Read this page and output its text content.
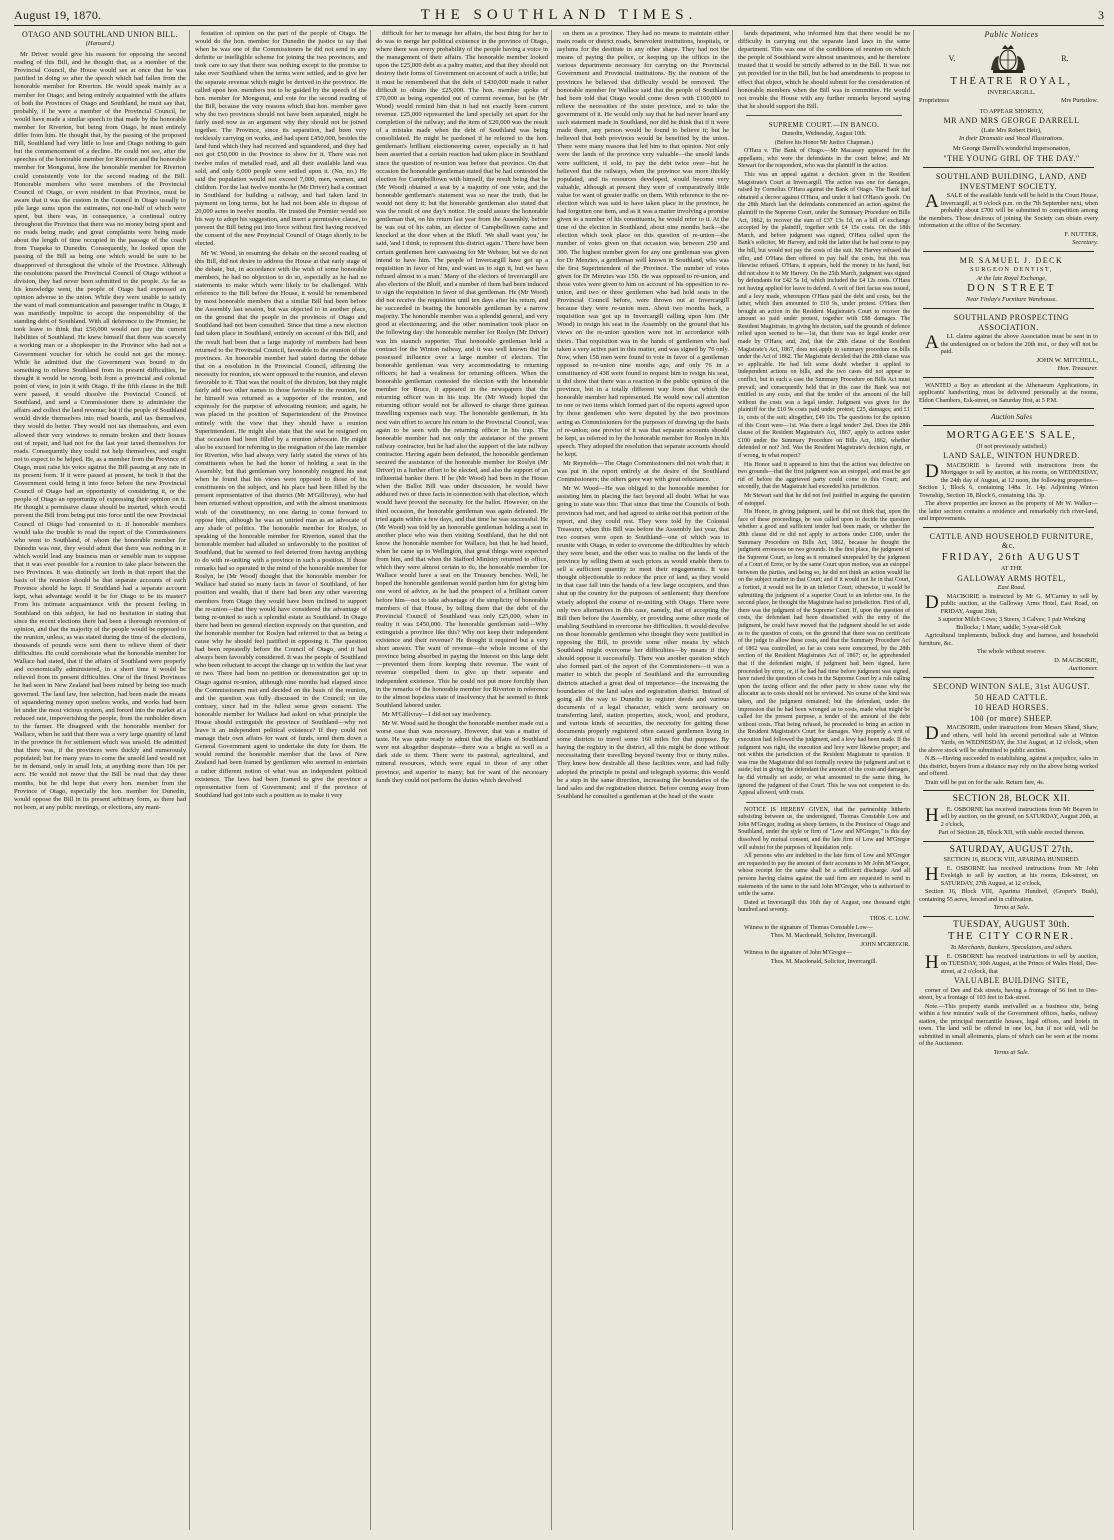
August 19, 1870.	THE SOUTHLAND TIMES.	3

OTAGO AND SOUTHLAND UNION BILL.

(Hansard.)

Mr Driver would give his reasons for opposing the second reading of this Bill, and he thought that, as a member of the Provincial Council, the House would see at once that he was justified in doing so after the speech which had fallen from the honorable member for Riverton. He would speak mainly as a member for Otago; and being entirely acquainted with the affairs of both the Provinces of Otago and Southland, he must say that, probably, if he were a member of the Provincial Council, he would have made a similar speech to that made by the honorable member for Riverton, but being from Otago, he must entirely differ from him. He thought that, by the passing of the proposed Bill, Southland had very little to lose and Otago nothing to gain but the commencement of a decline. He could not see, after the speeches of the honorable member for Riverton and the honorable member for Mongonui, how the honorable member for Riverton could consistently vote for the second reading of the Bill. Honorable members who were members of the Provincial Council of Otago, or even resident in that Province, must be aware that it was the custom in the Council in Otago usually to pile large sums upon the estimates, not one-half of which were spent, but there was, in consequence, a continual outcry throughout the Province that there was no money being spent and no roads being made; and great complaints were being made about the length of time occupied in the passage of the coach from Tuapeka to Dunedin. Consequently, he looked upon the passing of the Bill as being one which would be sure to be disapproved of throughout the whole of the Province. Although the resolutions passed the Provincial Council of Otago without a division, they had never been submitted to the people. As far as his knowledge went, the people of Otago had expressed an opinion adverse to the union. While they were unable to satisfy the want of mail communication and passenger traffic in Otago, it was manifestly impolitic to accept the responsibility of the standing debt of Southland. With all deference to the Premier, he took leave to think that £50,000 would not pay the current liabilities of Southland. He knew himself that there was scarcely a working man or a shopkeeper in the Province who had not a Government voucher for which he could not get the money. While he admitted that the Government was bound to do something to relieve Southland from its present difficulties, he thought it would be wrong, both from a provincial and colonial point of view, to join it with Otago. If the fifth clause in the Bill were passed, it would dissolve the Provincial Council of Southland, and send a Commissioner there to administer the affairs and collect the land revenue; but if the people of Southland would divide themselves into road boards, and tax themselves, they would do better. They would not tax themselves, and even allowed their very windows to remain broken and their houses out of repair, and had not for the last year taxed themselves for roads. Consequently they could not help themselves, and ought not to expect to be helped. He, as a member from the Province of Otago, must raise his voice against the Bill passing at any rate in its present form. If it were passed at present, he took it that the Government could bring it into force before the new Provincial Council of Otago had an opportunity of considering it, or the people of Otago an opportunity of expressing their opinion on it. He thought a permissive clause should be inserted, which would prevent the Bill from being put into force until the new Provincial Council of Otago had consented to it. If honorable members would take the trouble to read the report of the Commissioners who went to Southland, of whom the honorable member for Dunedin was one, they would admit that there was nothing in it which would lead any business man or sensible man to suppose that it was ever possible for a reunion to take place between the two Provinces. It was distinctly set forth in that report that the basis of the reunion should be that separate accounts of each Province should be kept. If Southland had a separate account kept, what advantage would it be for Otago to be its master? From his intimate acquaintance with the present feeling in Southland on this subject, he had no hesitation in stating that since the recent elections there had been a thorough reversion of opinion, and that the majority of the people would be opposed to the reunion, unless, as was stated during the time of the elections, thousands of pounds were sent there to relieve them of their difficulties. He could corroborate what the honorable member for Wallace had stated, that if the affairs of Southland were properly and economically administered, in a short time it would be relieved from its present difficulties. One of the finest Provinces he had seen in New Zealand had been ruined by being too much governed. The land law, free selection, had been made the means of squandering money upon useless works, and works had been let under the most vicious system, and forced into the market at a reduced rate, impoverishing the people, from the runholder down to the farmer. He disagreed with the honorable member for Wallace, when he said that there was a very large quantity of land in the province fit for settlement which was unsold. He admitted that there was, if the provinces were thickly and numerously populated; but for many years to come the unsold land would not be in demand, only in small lots, at anything more than 10s per acre. He would not move that the Bill be read that day three months, but he did hope that every hon. member from the Province of Otago, especially the hon. member for Dunedin, would oppose the Bill in its present arbitrary form, as there had not been, at any public meetings, or elections, any mani-

festation of opinion on the part of the people of Otago. He would do the hon. member for Dunedin the justice to say that when he was one of the Commissioners he did not send in any definite or intelligible scheme for joining the two provinces, and took care to say that there was nothing except to the promise to take over Southland when the terms were settled, and to give her the separate revenue which might be derived in the province. He called upon hon. members not to be guided by the speech of the hon. member for Mongonui, and vote for the second reading of the Bill, because the very reasons which that hon. member gave why the two provinces should not have been separated, might be fairly used now as an argument why they should not be joined together. The Province, since its separation, had been very recklessly carrying on works, and had spent £450,000, besides the land fund which they had received and squandered, and they had not got £50,000 in the Province to show for it. There was not twelve miles of metalled road, and all their available land was sold, and only 6,000 people were settled upon it. (No, no.) He said the population would not exceed 7,000, men, women, and children. For the last twelve months he (Mr Driver) had a contract in Southland for building a railway, and had taken land in payment on long terms, but he had not been able to dispose of 20,000 acres in twelve months. He trusted the Premier would see his way to adopt his suggestion, and insert a permissive clause, to prevent the Bill being put into force without first having received the consent of the new Provincial Council of Otago shortly to be elected.

Mr W. Wood, in resuming the debate on the second reading of this Bill, did not desire to address the House at that early stage of the debate, but, in accordance with the wish of some honorable members, he had no objection to do so, especially as he had no statements to make which were likely to be challenged. With reference to the Bill before the House, it would be remembered by most honorable members that a similar Bill had been before the Assembly last session, but was objected to in another place, on the ground that the people in the provinces of Otago and Southland had not been consulted. Since that time a new election had taken place in Southland, entirely on account of this Bill, and the result had been that a large majority of members had been returned to the Provincial Council, favorable to the reunion of the provinces. An honorable member had stated during the debate that on a resolution in the Provincial Council, affirming the necessity for reunion, six were opposed to the reunion, and eleven favorable to it. That was the result of the division, but they might fairly add two other names to those favorable to the reunion, for he himself was returned as a supporter of the reunion, and expressly for the purpose of advocating reunion; and again, he was placed in the position of Superintendent of the Province entirely with the view that they should have a reunion Superintendent. He might also state that the seat he resigned on that occasion had been filled by a reunion advocate. He might also be excused for referring to the resignation of the late member for Riverton, who had always very fairly stated the views of his constituents when he had the honor of holding a seat in the Assembly; but that gentleman very honorably resigned his seat when he found that his views were opposed to those of his constituents on the subject, and his place had been filled by the present representative of that district (Mr M'Gillivray), who had been returned without opposition, and with the almost unanimous wish of the constituency, no one daring to come forward to oppose him, although he was an untried man as an advocate of any shade of politics. The honorable member for Roslyn, in speaking of the honorable member for Riverton, stated that the honorable member had alluded so unfavorably to the position of Southland, that he seemed to feel deterred from having anything to do with re-uniting with a province in such a position. If those remarks had so operated in the mind of the honorable member for Roslyn, he (Mr Wood) thought that the honorable member for Wallace had stated so many facts in favor of Southland, of her position and wealth, that if there had been any other wavering members from Otago they would have been inclined to support the re-union—that they would have considered the advantage of being re-united to such a splendid estate as Southland. In Otago there had been no general election expressly on that question, and the honorable member for Roslyn had referred to that as being a cause why he should feel justified in opposing it. The question had been repeatedly before the Council of Otago, and it had always been favorably considered. It was the people of Southland who been reluctant to accept the change up to within the last year or two. There had been no petition or demonstration got up in Otago against re-union, although nine months had elapsed since the Commissioners met and decided on the basis of the reunion, and the question was fully discussed in the Council; on the contrary, since had in the fullest sense given consent. The honorable member for Wallace had asked on what principle the House should extinguish the province of Southland—why not leave it an independent political existence? If they could not manage their own affairs for want of funds, send them down a General Government agent to undertake the duty for them. He would remind the honorable member that the laws of New Zealand had been framed by gentlemen who seemed to entertain a rather different notion of what was an independent political existence. The laws had been framed to give the province a representative form of Government; and if the province of Southland had got into such a position as to make it very

difficult for her to manage her affairs, the best thing for her to do was to merge her political existence in the province of Otago, where there was every probability of the people having a voice in the management of their affairs. The honorable member looked upon the £25,000 debt as a paltry matter, and that they should not destroy their forms of Government on account of such a trifle; but it must be remembered that the debt of £430,000 made it rather difficult to obtain the £25,000. The hon. member spoke of £70,000 as being expended out of current revenue, but he (Mr Wood) would remind him that it had not exactly been current revenue. £25,000 represented the land specially set apart for the completion of the railway; and the item of £20,000 was the result of a mistake made when the debt of Southland was being consolidated. He might be pardoned if he referred to the hon. gentleman's brilliant electioneering career, especially as it had been asserted that a certain reaction had taken place in Southland since the question of re-union was before that province. On that occasion the honorable gentleman stated that he had contested the election for Campbelltown with himself, the result being that he (Mr Wood) obtained a seat by a majority of one vote, and the honorable gentleman's statement was so near the truth, that he would not deny it; but the honorable gentleman also stated that was the result of one day's notice. He could assure the honorable gentleman that, on his return last year from the Assembly, before he was out of his cabin, an elector of Campbelltown came and knocked at the door when at the Bluff. 'We shall want you,' he said, 'and I think, to represent this district again.' There have been certain gentlemen here canvassing for Mr Webster, but we do not intend to have him. The people of Invercargill have got up a requisition in favor of him, and want us to sign it, but we have refused almost to a man.' Many of the electors of Invercargill are also electors of the Bluff, and a number of them had been induced to sign the requisition in favor of that gentleman. He (Mr Wood) did not receive the requisition until ten days after his return, and he succeeded in beating the honorable gentleman by a narrow majority. The honorable member was a splendid general, and very good at electioneering; and the other nomination took place on the following day: the honorable member for Roslyn (Mr Driver) was his staunch supporter. That honorable gentleman held a contract for the Winton railway, and it was well known that he possessed influence over a large number of electors. The honorable gentleman was very accommodating to returning officers; he had a weakness for returning officers. When the honorable gentleman contested the election with the honorable member for Bruce, it appeared in the newspapers that the returning officer was in his trap. He (Mr Wood) hoped the returning officer would not be allowed to charge three guineas travelling expenses each way. The honorable gentleman, in his next vain effort to secure his return to the Provincial Council, was again to be seen with the returning officer in his trap. The honorable member had not only the assistance of the present railway contractor, but he had also the support of the late railway contractor. Having again been defeated, the honorable gentleman secured the assistance of the honorable member for Roslyn (Mr Driver) in a further effort to be elected, and also the support of an influential banker there. If he (Mr Wood) had been in the House when the Ballot Bill was under discussion, he would have adduced two or three facts in connection with that election, which would have proved the necessity for the ballot. However, on the third occasion, the honorable gentleman was again defeated. He tried again within a few days, and that time he was successful. He (Mr Wood) was told by an honorable gentleman holding a seat in another place who was then visiting Southland, that he did not know the honorable member for Wallace, but that he had heard, when he came up to Wellington, that great things were expected from him, and that when the Stafford Ministry returned to office, which they were almost certain to do, the honorable member for Wallace would have a seat on the Treasury benches. Well, he hoped the honorable gentleman would pardon him for giving him one word of advice, as he had the prospect of a brilliant career before him—not to take advantage of the simplicity of honorable members of that House, by telling them that the debt of the Provincial Council of Southland was only £25,000, when in reality it was £450,000. The honorable gentleman said—Why extinguish a province like this? Why not keep their independent existence and their revenue? He thought it required but a very short answer. The want of revenue—the whole income of the province being absorbed in paying the interest on this large debt—prevented them from keeping their revenue. The want of revenue compelled them to give up their separate and independent existence. This he could not put more forcibly than in the remarks of the honorable member for Riverton in reference to the almost hopeless state of insolvency that he seemed to think Southland labored under.

Mr M'Gillivray—I did not say insolvency.

Mr W. Wood said he thought the honorable member made out a worse case than was necessary. However, that was a matter of taste. He was quite ready to admit that the affairs of Southland were not altogether desperate—there was a bright as well as a dark side to them. There were its pastoral, agricultural, and mineral resources, which were equal to those of any other province, and superior to many; but for want of the necessary funds they could not perform the duties which devolved

on them as a province. They had no means to maintain either main roads or district roads, benevolent institutions, hospitals, or asylums for the destitute in any other shape. They had not the means of paying the police, or keeping up the offices in the various departments necessary for carrying on the Provincial Government and Provincial institutions. By the reunion of the provinces he believed that difficulty would be removed. The honorable member for Wallace said that the people of Southland had been told that Otago would come down with £100,000 to relieve the necessities of the sister province, and to take the government of it. He would only say that he had never heard any such statement made in Southland, nor did he think that if it were made there, any person would be found to believe it; but he believed that both provinces would be benefited by the union. There were many reasons that led him to that opinion. Not only were the lands of the province very valuable—the unsold lands were sufficient, if sold, to pay the debt twice over—but he believed that the railways, when the province was more thickly populated, and its resources developed, would become very valuable, although at present they were of comparatively little value for want of greater traffic on them. With reference to the re-election which was said to have taken place in the province, he had forgotten one item, and as it was a matter involving a promise given to a number of his constituents, he would refer to it. At the time of the election in Southland, about nine months back—the election which took place on this question of re-union—the number of votes given on that occasion was between 250 and 300. The highest number given for any one gentleman was given for Dr Menzies, a gentleman well known in Southland, who was the first Superintendent of the Province. The number of votes given for Dr Menzies was 150. He was opposed to re-union, and those votes were given to him on account of his opposition to re-union, and two or three gentlemen who had hold seats in the Provincial Council before, were thrown out at Invercargill because they were re-union men. About two months back, a requisition was got up in Invercargill calling upon him (Mr Wood) to resign his seat in the Assembly on the ground that his views on the re-union question were not in accordance with theirs. That requisition was in the hands of gentlemen who had taken a very active part in this matter, and was signed by 76 only. Now, when 158 men were found to vote in favor of a gentleman opposed to re-union nine months ago, and only 76 in a constituency of 438 were found to request him to resign his seat, it did show that there was a reaction in the public opinion of the province, but in a totally different way from that which the honorable member had represented. He would now call attention to one or two items which formed part of the reports agreed upon by those gentlemen who were deputed by the two provinces acting as Commissioners for the purposes of drawing up the basis of re-union; one proviso of it was that separate accounts should be kept, as referred to by the honorable member for Roslyn in his speech. They adopted the resolution that separate accounts should be kept.

Mr Reynolds—The Otago Commissioners did not wish that; it was put in the report entirely at the desire of the Southland Commissioners; the others gave way with great reluctance.

Mr W. Wood—He was obliged to the honorable member for assisting him in placing the fact beyond all doubt. What he was going to state was this: That since that time the Councils of both provinces had met, and had agreed to strike out that portion of the report, and they could rest. They were told by the Colonial Treasurer, when this Bill was before the Assembly last year, that two courses were open to Southland—one of which was to reunite with Otago, in order to overcome the difficulties by which they were beset, and the other was to realise on the lands of the province by selling them at such prices as would enable them to sell a sufficient quantity to meet their engagements. It was thought objectionable to reduce the price of land, as they would in that case fall into the hands of a few large occupiers, and thus shut up the country for the purposes of settlement; they therefore wisely adopted the course of re-uniting with Otago. There were only two alternatives in this case, namely, that of accepting the Bill then before the Assembly, or providing some other mode of enabling Southland to overcome her difficulties. It would devolve on those honorable gentlemen who thought they were justified in opposing the Bill, to provide some other means by which Southland might overcome her difficulties—by means if they should oppose it successfully. There was another question which also formed part of the report of the Commissioners—it was a matter to which the people of Southland and the surrounding districts attached a great deal of importance—the increasing the boundaries of the land sales and registration district. Instead of going all the way to Dunedin to register deeds and various documents of a legal character, which were necessary on transferring land, station properties, stock, wool, and produce, and various kinds of securities, the necessity for getting those documents properly registered often caused gentlemen living in some districts to travel some 160 miles for that purpose. By having the registry in the district, all this might be done without necessitating their travelling beyond twenty five or thirty miles. They knew how desirable all these facilities were, and had fully adopted the principle in postal and telegraph systems; this would be a step in the same direction, increasing the boundaries of the land sales and the registration district. Before coming away from Southland he consulted a gentleman at the head of the waste

lands department, who informed him that there would be no difficulty in carrying out the separate land laws in the same department. This was one of the conditions of reunion on which the people of Southland were almost unanimous, and he therefore trusted that it would be strictly adhered to in the Bill. It was not yet provided for in the Bill, but he had amendments to propose to effect that object, which he should submit for the consideration of honorable members when the Bill was in committee. He would not trouble the House with any further remarks beyond saying that he should support the Bill.

SUPREME COURT.—IN BANCO.

Dunedin, Wednesday, August 10th.

(Before his Honor Mr Justice Chapman.)

O'Hara v. The Bank of Otago.—Mr Macassey appeared for the appellants, who were the defendants in the court below; and Mr Stewart for the respondent, who was the plaintiff in the action.

This was an appeal against a decision given in the Resident Magistrate's Court at Invercargill. The action was one for damages, raised by Cornelius O'Hara against the Bank of Otago. The Bank had obtained a decree against O'Hara, and under it had O'Hara's goods. On the 28th March last the defendants commenced an action against the plaintiff in the Supreme Court, under the Summary Procedure on Bills Act, 1862, to recover the sum of £37 13s 1d, on a bill of exchange accepted by the plaintiff, together with £4 15s costs. On the 18th March, and before judgment was signed, O'Hara called upon the Bank's solicitor, Mr Harvey, and told the latter that he had come to pay the bill, but would not pay the costs of the suit. Mr Harvey refused the offer, and O'Hara then offered to pay half the costs, but this was likewise refused. O'Hara, it appears, held the money in his hand, but did not show it to Mr Harvey. On the 25th March, judgment was signed by defendants for £42 5s 1d, which included the £4 12s costs. O'Hara not having applied for leave to defend. A writ of fieri facias was issued, and a levy made, whereupon O'Hara paid the debt and costs, but the latter, which then amounted to £10 9s, under protest. O'Hara then brought an action in the Resident Magistrate's Court to recover the amount so paid under protest, together with £88 damages. The Resident Magistrate, in giving his decision, said the grounds of defence relied upon seemed to be—1st, that there was no legal tender over made by O'Hara; and, 2nd, that the 28th clause of the Resident Magistrate's Act, 1867, does not apply to summary procedure on bills under the Act of 1862. The Magistrate decided that the 28th clause was so applicable. He had felt some doubt whether it applied to independent actions on bills, and the two cases did not appear to conflict, but in such a case the Summary Procedure on Bills Act must prevail; and consequently held that in this case the Bank was not entitled to any costs, and that the tender of the amount of the bill without the costs was a legal tender. Judgment was given for the plaintiff for the £10 9s costs paid under protest; £25, damages; and £1 1s, costs of the suit; altogether, £49 10s. The questions for the opinion of this Court were—1st. Was there a legal tender? 2nd. Does the 28th clause of the Resident Magistrate's Act, 1867, apply to actions under £100 under the Summary Procedure on Bills Act, 1862, whether defended or not? 3rd. Was the Resident Magistrate's decision right, or if wrong, in what respect?

His Honor said it appeared to him that the action was defective on two grounds—that the first judgment was an estoppel, and must be got rid of before the aggrieved party could come to this Court; and secondly, that the Magistrate had exceeded his jurisdiction.

Mr Stewart said that he did not feel justified in arguing the question of estoppel.

His Honor, in giving judgment, said he did not think that, upon the face of these proceedings, he was called upon to decide the question whether a good and sufficient tender had been made, or whether the 28th clause did or did not apply to actions under £100, under the Summary Procedure on Bills Act, 1862, because he thought the judgment erroneous on two grounds. In the first place, the judgment of the Supreme Court, so long as it remained unrepealed by the judgment of a Court of Error, or by the same Court upon motion, was an estoppel between the parties, and being so, he did not think an action would lie on the subject matter in that Court; and if it would not lie in that Court, a fortiori, it would not lie in an inferior Court; otherwise, it would be submitting the judgment of a superior Court to an inferior one. In the second place, he thought the Magistrate had no jurisdiction. First of all, there was the judgment of the Supreme Court. If, upon the question of costs, the defendant had been dissatisfied with the entry of the judgment, he could have moved that the judgment should be set aside as to the question of costs, on the ground that there was no certificate of the judge to allow these costs, and that the Summary Procedure Act of 1862 was controlled, so far as costs were concerned, by the 28th section of the Resident Magistrates Act of 1867; or, he apprehended that if the defendant might, if judgment had been signed, have proceeded by error; or, if he had had time before judgment was signed, have raised the question of costs in the Supreme Court by a rule calling upon the taxing officer and the other party to show cause why the allocatur as to costs should not be reviewed. No course of the kind was taken, and the judgment remained; but the defendant, under the impression that he had been wronged as to costs, made what might be called for the present purpose, a tender of the amount of the debt without costs. That being refused, he proceeded to bring an action in the Resident Magistrate's Court for damages. Very properly a writ of execution had followed the judgment, and a levy had been made. If the judgment was right, the execution and levy were likewise proper; and not within the jurisdiction of the Resident Magistrate to question. It was true the Magistrate did not formally review the judgment and set it aside; but in giving the defendant the amount of the costs and damages, he did virtually set aside, or what amounted to the same thing, he ignored the judgment of that Court. This he was not competent to do. Appeal allowed, with costs.

NOTICE IS HEREBY GIVEN, that the partnership hitherto subsisting between us, the undersigned, Thomas Constable Low and John M'Gregor, trading as sheep farmers, in the Province of Otago and Southland, under the style or firm of "Low and M'Gregor," is this day dissolved by mutual consent, and the late firm of Low and M'Gregor will subsist for the purposes of liquidation only.

All persons who are indebted to the late firm of Low and M'Gregor are requested to pay the amount of their accounts to Mr John M'Gregor, whose receipt for the same shall be a sufficient discharge. And all persons having claims against the said firm are requested to send in statements of the same to the said John M'Gregor, who is authorised to settle the same.

Dated at Invercargill this 16th day of August, one thousand eight hundred and seventy.

THOS. C. LOW.

Witness to the signature of Thomas Constable Low—

Thos. M. Macdonald, Solicitor, Invercargill.

JOHN M'GREGOR.

Witness to the signature of John M'Gregor—

Thos. M. Macdonald, Solicitor, Invercargill.

Public Notices

V.	R.

THEATRE ROYAL,

INVERCARGILL.

Proprietress	Mrs Purtstlow.

TO APPEAR SHORTLY,

MR AND MRS GEORGE DARRELL

(Late Mrs Robert Heir),

In their Dramatic and Vocal Illustrations.

Mr George Darrell's wonderful impersonation,

"THE YOUNG GIRL OF THE DAY."

SOUTHLAND BUILDING, LAND, AND INVESTMENT SOCIETY.

A SALE of the available funds will be held in the Court House, Invercargill, at 9 o'clock p.m. on the 7th September next, when probably about £700 will be submitted to competition among the members. Those desirous of joining the Society can obtain every information at the office of the Secretary.

F. NUTTER,

Secretary.

MR SAMUEL J. DECK

SURGEON DENTIST,

At the late Royal Exchange,

DON STREET

Near Finlay's Furniture Warehouse.

SOUTHLAND PROSPECTING ASSOCIATION.

A LL claims against the above Association must be sent in to the undersigned on or before the 20th inst., or they will not be paid.

JOHN W. MITCHELL,

Hon. Treasurer.

WANTED a Boy as attendant at the Athenaeum Applications, in applicants' handwriting, must be delivered personally at the rooms, Eldon Chambers, Esk-street, on Saturday first, at 5 P.M.

Auction Sales

MORTGAGEE'S SALE,

(If not previously satisfied.)

LAND SALE, WINTON HUNDRED.

D MACBORIE is favored with instructions from the Mortgagee to sell by auction, at his rooms, on WEDNESDAY, the 24th day of August, at 12 noon, the following properties— Section 1, Block 6, containing 148a. 1r. 14p. Adjoining Winton Township, Section 18, Block 6, containing 18a. 3p.

The above properties are known as the property of Mr W. Walker—the latter section contains a residence and remarkably rich river-land, and improvements.

CATTLE AND HOUSEHOLD FURNITURE, &c.

FRIDAY, 26th AUGUST

AT THE

GALLOWAY ARMS HOTEL,

East Road.

D MACBORIE is instructed by Mr G. M'Carney to sell by public auction, at the Galloway Arms Hotel, East Road, on FRIDAY, August 26th,

3 superior Milch Cows; 3 Steers, 3 Calves; 1 pair Working Bullocks; 1 Mare, saddle; 3-year-old Colt

Agricultural implements, bullock dray and harness, and household furniture, &c.

The whole without reserve.

D. MACBORIE,

Auctioneer.

SECOND WINTON SALE, 31st AUGUST.

50 HEAD CATTLE.

10 HEAD HORSES.

100 (or more) SHEEP.

D MACBORIE, under instructions from Messrs Shand, Shaw, and others, will hold his second periodical sale at Winton Yards, on WEDNESDAY, the 31st August, at 12 o'clock, when the above stock will be submitted to public auction.

N.B.—Having succeeded in establishing, against a prejudice, sales in this district, buyers from a distance may rely on the above being worked and offered.

Train will be put on for the sale. Return fare, 4s.

SECTION 28, BLOCK XII.

H E. OSBORNE has received instructions from Mr Beaven to sell by auction, on the ground, on SATURDAY, August 20th, at 2 o'clock,

Part of Section 28, Block XII, with stable erected thereon.

SATURDAY, AUGUST 27th.

SECTION 16, BLOCK VIII, APARIMA HUNDRED.

H E. OSBORNE has received instructions from Mr John Eveleigh to sell by auction, at his rooms, Esk-street, on SATURDAY, 27th August, at 12 o'clock,

Section 16, Block VIII, Aparima Hundred, (Groper's Bush), containing 55 acres, fenced and in cultivation.

Terms at Sale.

TUESDAY, AUGUST 30th.

THE CITY CORNER.

To Merchants, Bankers, Speculators, and others.

H E. OSBORNE has received instructions to sell by auction, on TUESDAY, 30th August, at the Prince of Wales Hotel, Dee-street, at 2 o'clock, that

VALUABLE BUILDING SITE,

corner of Dee and Esk streets, having a frontage of 56 feet to Dee-street, by a frontage of 103 feet to Esk-street.

Note.—This property stands unrivalled as a business site, being within a few minutes' walk of the Government offices, banks, railway station, the principal mercantile houses, legal offices, and hotels in town. The land will be offered in one lot, but if not sold, will be submitted in small allotments, plans of which can be seen at the rooms of the Auctioneer.

Terms at Sale.
